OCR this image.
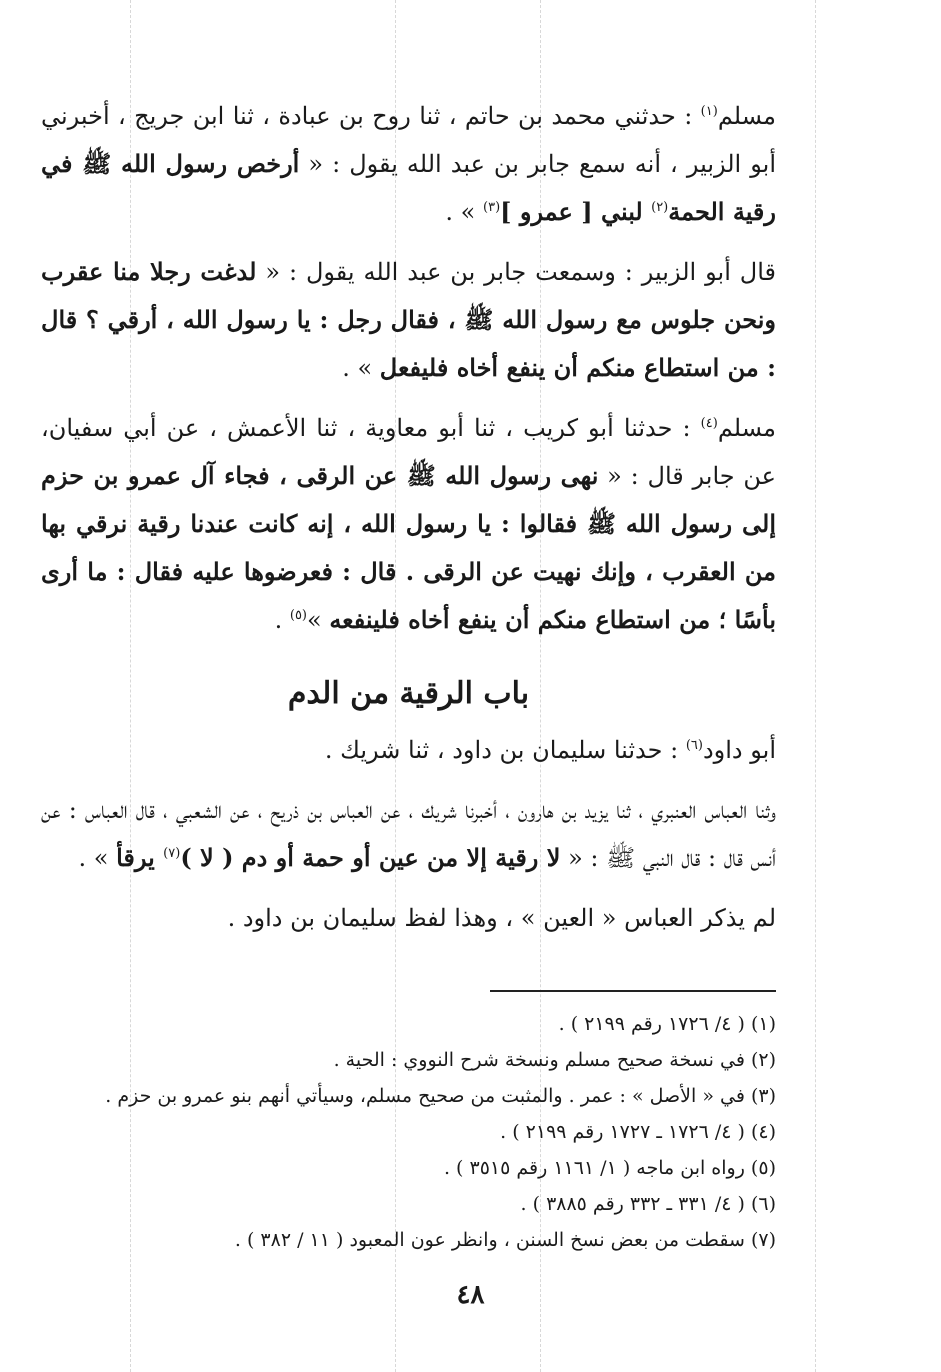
مسلم$^{(١)}$ : حدثني محمد بن حاتم ، ثنا روح بن عبادة ، ثنا ابن جريج ، أخبرني أبو الزبير ، أنه سمع جابر بن عبد الله يقول : « أرخص رسول الله ﷺ في رقية الحمة$^{(٢)}$ لبني [ عمرو ]$^{(٣)}$ » .

قال أبو الزبير : وسمعت جابر بن عبد الله يقول : « لدغت رجلا منا عقرب ونحن جلوس مع رسول الله ﷺ ، فقال رجل : يا رسول الله ، أرقي ؟ قال : من استطاع منكم أن ينفع أخاه فليفعل » .

مسلم$^{(٤)}$ : حدثنا أبو كريب ، ثنا أبو معاوية ، ثنا الأعمش ، عن أبي سفيان، عن جابر قال : « نهى رسول الله ﷺ عن الرقى ، فجاء آل عمرو بن حزم إلى رسول الله ﷺ فقالوا : يا رسول الله ، إنه كانت عندنا رقية نرقي بها من العقرب ، وإنك نهيت عن الرقى . قال : فعرضوها عليه فقال : ما أرى بأسًا ؛ من استطاع منكم أن ينفع أخاه فلينفعه »$^{(٥)}$ .

باب الرقية من الدم

أبو داود$^{(٦)}$ : حدثنا سليمان بن داود ، ثنا شريك .

وثنا العباس العنبري ، ثنا يزيد بن هارون ، أخبرنا شريك ، عن العباس بن ذريح ، عن الشعبي ، قال العباس : عن أنس قال : قال النبي ﷺ : « لا رقية إلا من عين أو حمة أو دم ( لا )$^{(٧)}$ يرقأ » .

لم يذكر العباس « العين » ، وهذا لفظ سليمان بن داود .

(١) ( ٤/ ١٧٢٦ رقم ٢١٩٩ ) .
(٢) في نسخة صحيح مسلم ونسخة شرح النووي : الحية .
(٣) في « الأصل » : عمر . والمثبت من صحيح مسلم، وسيأتي أنهم بنو عمرو بن حزم .
(٤) ( ٤/ ١٧٢٦ ـ ١٧٢٧ رقم ٢١٩٩ ) .
(٥) رواه ابن ماجه ( ١/ ١١٦١ رقم ٣٥١٥ ) .
(٦) ( ٤/ ٣٣١ ـ ٣٣٢ رقم ٣٨٨٥ ) .
(٧) سقطت من بعض نسخ السنن ، وانظر عون المعبود ( ١١ / ٣٨٢ ) .
٤٨
